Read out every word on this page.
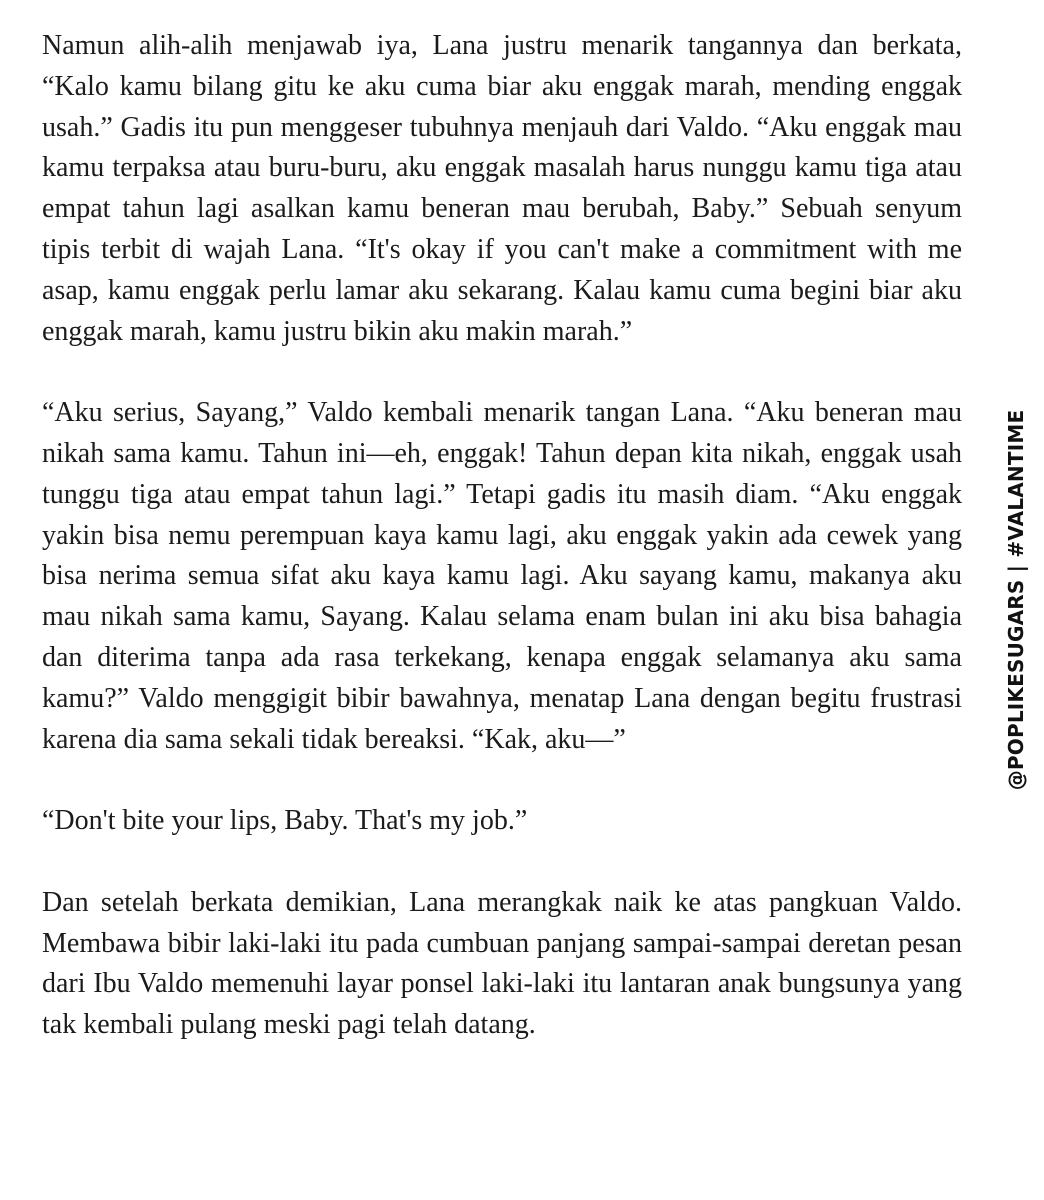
Namun alih-alih menjawab iya, Lana justru menarik tangannya dan berkata, “Kalo kamu bilang gitu ke aku cuma biar aku enggak marah, mending enggak usah.” Gadis itu pun menggeser tubuhnya menjauh dari Valdo. “Aku enggak mau kamu terpaksa atau buru-buru, aku enggak masalah harus nunggu kamu tiga atau empat tahun lagi asalkan kamu beneran mau berubah, Baby.” Sebuah senyum tipis terbit di wajah Lana. “It's okay if you can't make a commitment with me asap, kamu enggak perlu lamar aku sekarang. Kalau kamu cuma begini biar aku enggak marah, kamu justru bikin aku makin marah.”

“Aku serius, Sayang,” Valdo kembali menarik tangan Lana. “Aku beneran mau nikah sama kamu. Tahun ini—eh, enggak! Tahun depan kita nikah, enggak usah tunggu tiga atau empat tahun lagi.” Tetapi gadis itu masih diam. “Aku enggak yakin bisa nemu perempuan kaya kamu lagi, aku enggak yakin ada cewek yang bisa nerima semua sifat aku kaya kamu lagi. Aku sayang kamu, makanya aku mau nikah sama kamu, Sayang. Kalau selama enam bulan ini aku bisa bahagia dan diterima tanpa ada rasa terkekang, kenapa enggak selamanya aku sama kamu?” Valdo menggigit bibir bawahnya, menatap Lana dengan begitu frustrasi karena dia sama sekali tidak bereaksi. “Kak, aku—”

“Don't bite your lips, Baby. That's my job.”

Dan setelah berkata demikian, Lana merangkak naik ke atas pangkuan Valdo. Membawa bibir laki-laki itu pada cumbuan panjang sampai-sampai deretan pesan dari Ibu Valdo memenuhi layar ponsel laki-laki itu lantaran anak bungsunya yang tak kembali pulang meski pagi telah datang.

@POPLIKESUGARS | #VALANTIME
